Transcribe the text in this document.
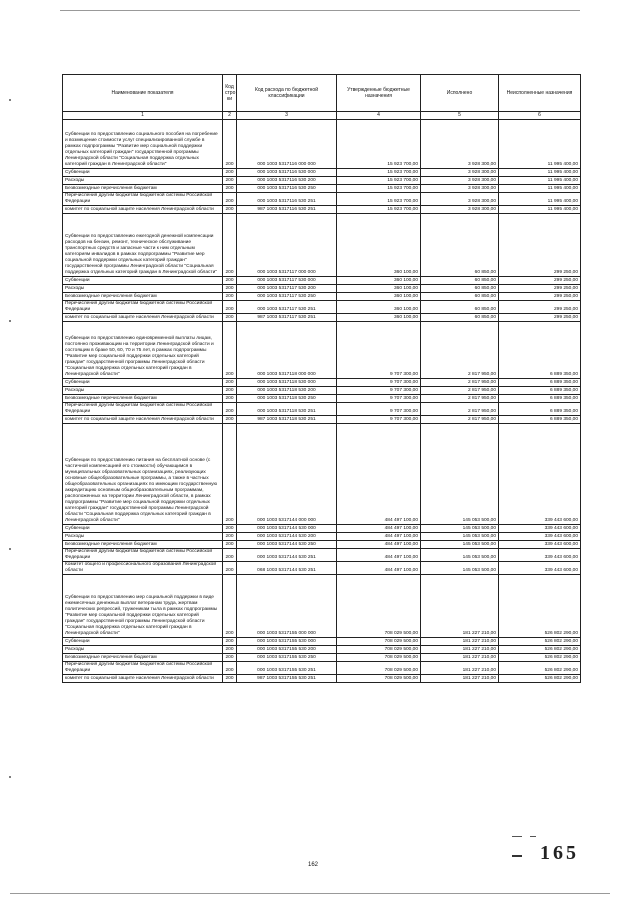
Наименование показателя	Код стро ки	Код расхода по бюджетной классификации	Утвержденные бюджетные назначения	Исполнено	Неисполненные назначения
1	2	3	4	5	6
Субвенции по предоставлению социального пособия на погребение и возмещение стоимости услуг специализированной службе в рамках подпрограммы "Развитие мер социальной поддержки отдельных категорий граждан" государственной программы Ленинградской области "Социальная поддержка отдельных категорий граждан в Ленинградской области"	200	000 1003 5317116 000 000	15 923 700,00	3 928 300,00	11 995 400,00
Субвенции	200	000 1003 5317116 530 000	15 923 700,00	3 928 300,00	11 995 400,00
Расходы	200	000 1003 5317116 530 200	15 923 700,00	3 928 300,00	11 995 400,00
Безвозмездные перечисления бюджетам	200	000 1003 5317116 530 250	15 923 700,00	3 928 300,00	11 995 400,00
Перечисления другим бюджетам бюджетной системы Российской Федерации	200	000 1003 5317116 530 251	15 923 700,00	3 928 300,00	11 995 400,00
комитет по социальной защите населения Ленинградской области	200	987 1003 5317116 530 251	15 923 700,00	3 928 300,00	11 995 400,00
Субвенции по предоставлению ежегодной денежной компенсации расходов на бензин, ремонт, техническое обслуживание транспортных средств и запасные части к ним отдельным категориям инвалидов в рамках подпрограммы "Развитие мер социальной поддержки отдельных категорий граждан" государственной программы Ленинградской области "Социальная поддержка отдельных категорий граждан в Ленинградской области"	200	000 1003 5317117 000 000	360 100,00	60 850,00	299 250,00
Субвенции	200	000 1003 5317117 530 000	360 100,00	60 850,00	299 250,00
Расходы	200	000 1003 5317117 530 200	360 100,00	60 850,00	299 250,00
Безвозмездные перечисления бюджетам	200	000 1003 5317117 530 250	360 100,00	60 850,00	299 250,00
Перечисления другим бюджетам бюджетной системы Российской Федерации	200	000 1003 5317117 530 251	360 100,00	60 850,00	299 250,00
комитет по социальной защите населения Ленинградской области	200	987 1003 5317117 530 251	360 100,00	60 850,00	299 250,00
Субвенции по предоставлению единовременной выплаты лицам, постоянно проживающим на территории Ленинградской области и состоящим в браке 50, 60, 70 и 75 лет, в рамках подпрограммы "Развитие мер социальной поддержки отдельных категорий граждан" государственной программы Ленинградской области "Социальная поддержка отдельных категорий граждан в Ленинградской области"	200	000 1003 5317118 000 000	9 707 300,00	2 817 950,00	6 889 350,00
Субвенции	200	000 1003 5317118 530 000	9 707 300,00	2 817 950,00	6 889 350,00
Расходы	200	000 1003 5317118 530 200	9 707 300,00	2 817 950,00	6 889 350,00
Безвозмездные перечисления бюджетам	200	000 1003 5317118 530 250	9 707 300,00	2 817 950,00	6 889 350,00
Перечисления другим бюджетам бюджетной системы Российской Федерации	200	000 1003 5317118 530 251	9 707 300,00	2 817 950,00	6 889 350,00
комитет по социальной защите населения Ленинградской области	200	987 1003 5317118 530 251	9 707 300,00	2 817 950,00	6 889 350,00
Субвенции по предоставлению питания на бесплатной основе (с частичной компенсацией его стоимости) обучающимся в муниципальных образовательных организациях, реализующих основные общеобразовательные программы, а также в частных общеобразовательных организациях по имеющим государственную аккредитацию основным общеобразовательным программам, расположенных на территории Ленинградской области, в рамках подпрограммы "Развитие мер социальной поддержки отдельных категорий граждан" государственной программы Ленинградской области "Социальная поддержка отдельных категорий граждан в Ленинградской области"	200	000 1003 5317144 000 000	484 497 100,00	145 053 500,00	339 443 600,00
Субвенции	200	000 1003 5317144 530 000	484 497 100,00	145 053 500,00	339 443 600,00
Расходы	200	000 1003 5317144 530 200	484 497 100,00	145 053 500,00	339 443 600,00
Безвозмездные перечисления бюджетам	200	000 1003 5317144 530 250	484 497 100,00	145 053 500,00	339 443 600,00
Перечисления другим бюджетам бюджетной системы Российской Федерации	200	000 1003 5317144 530 251	484 497 100,00	145 053 500,00	339 443 600,00
Комитет общего и профессионального образования Ленинградской области	200	068 1003 5317144 530 251	484 497 100,00	145 053 500,00	339 443 600,00
Субвенции по предоставлению мер социальной поддержки в виде ежемесячных денежных выплат ветеранам труда, жертвам политических репрессий, труженикам тыла в рамках подпрограммы "Развитие мер социальной поддержки отдельных категорий граждан" государственной программы Ленинградской области "Социальная поддержка отдельных категорий граждан в Ленинградской области"	200	000 1003 5317155 000 000	708 029 500,00	181 227 210,00	526 802 290,00
Субвенции	200	000 1003 5317155 530 000	708 029 500,00	181 227 210,00	526 802 290,00
Расходы	200	000 1003 5317155 530 200	708 029 500,00	181 227 210,00	526 802 290,00
Безвозмездные перечисления бюджетам	200	000 1003 5317155 530 250	708 029 500,00	181 227 210,00	526 802 290,00
Перечисления другим бюджетам бюджетной системы Российской Федерации	200	000 1003 5317155 530 251	708 029 500,00	181 227 210,00	526 802 290,00
комитет по социальной защите населения Ленинградской области	200	987 1003 5317155 530 251	708 029 500,00	181 227 210,00	526 802 290,00
162
165
